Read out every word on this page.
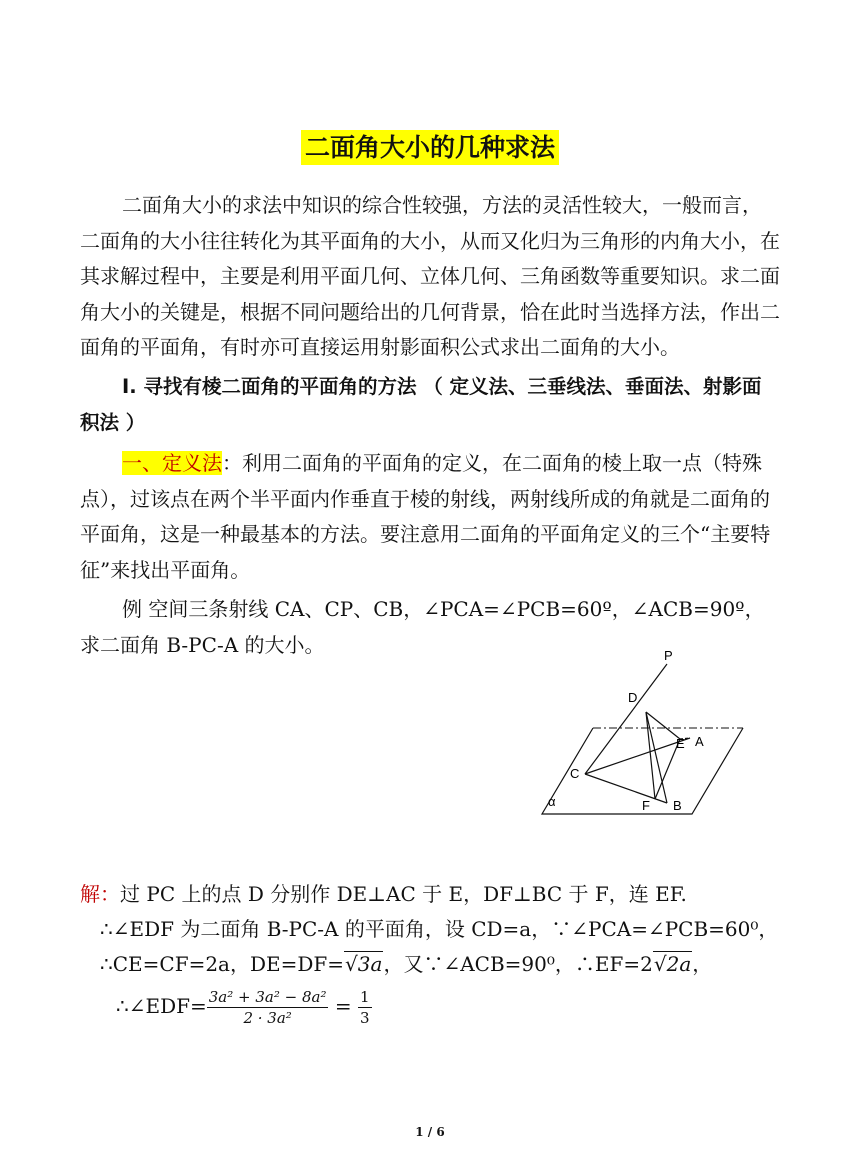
二面角大小的几种求法

二面角大小的求法中知识的综合性较强，方法的灵活性较大，一般而言，二面角的大小往往转化为其平面角的大小，从而又化归为三角形的内角大小，在其求解过程中，主要是利用平面几何、立体几何、三角函数等重要知识。求二面角大小的关键是，根据不同问题给出的几何背景，恰在此时当选择方法，作出二面角的平面角，有时亦可直接运用射影面积公式求出二面角的大小。

I. 寻找有棱二面角的平面角的方法 （ 定义法、三垂线法、垂面法、射影面积法 ）

一、定义法：利用二面角的平面角的定义，在二面角的棱上取一点（特殊点），过该点在两个半平面内作垂直于棱的射线，两射线所成的角就是二面角的平面角，这是一种最基本的方法。要注意用二面角的平面角定义的三个“主要特征”来找出平面角。

例 空间三条射线 CA、CP、CB，∠PCA=∠PCB=60º，∠ACB=90º，求二面角 B-PC-A 的大小。	P
D
E A
C
F B
α
解：过 PC 上的点 D 分别作 DE⊥AC 于 E，DF⊥BC 于 F，连 EF.
∴∠EDF 为二面角 B-PC-A 的平面角，设 CD=a，∵∠PCA=∠PCB=60⁰，
∴CE=CF=2a，DE=DF=√3a，又∵∠ACB=90⁰，∴EF=2√2a，
∴∠EDF= $\frac{\text{3a² + 3a² − 8a²}}{\text{2 · 3a²}} = \frac{1}{3}$
1 / 6
